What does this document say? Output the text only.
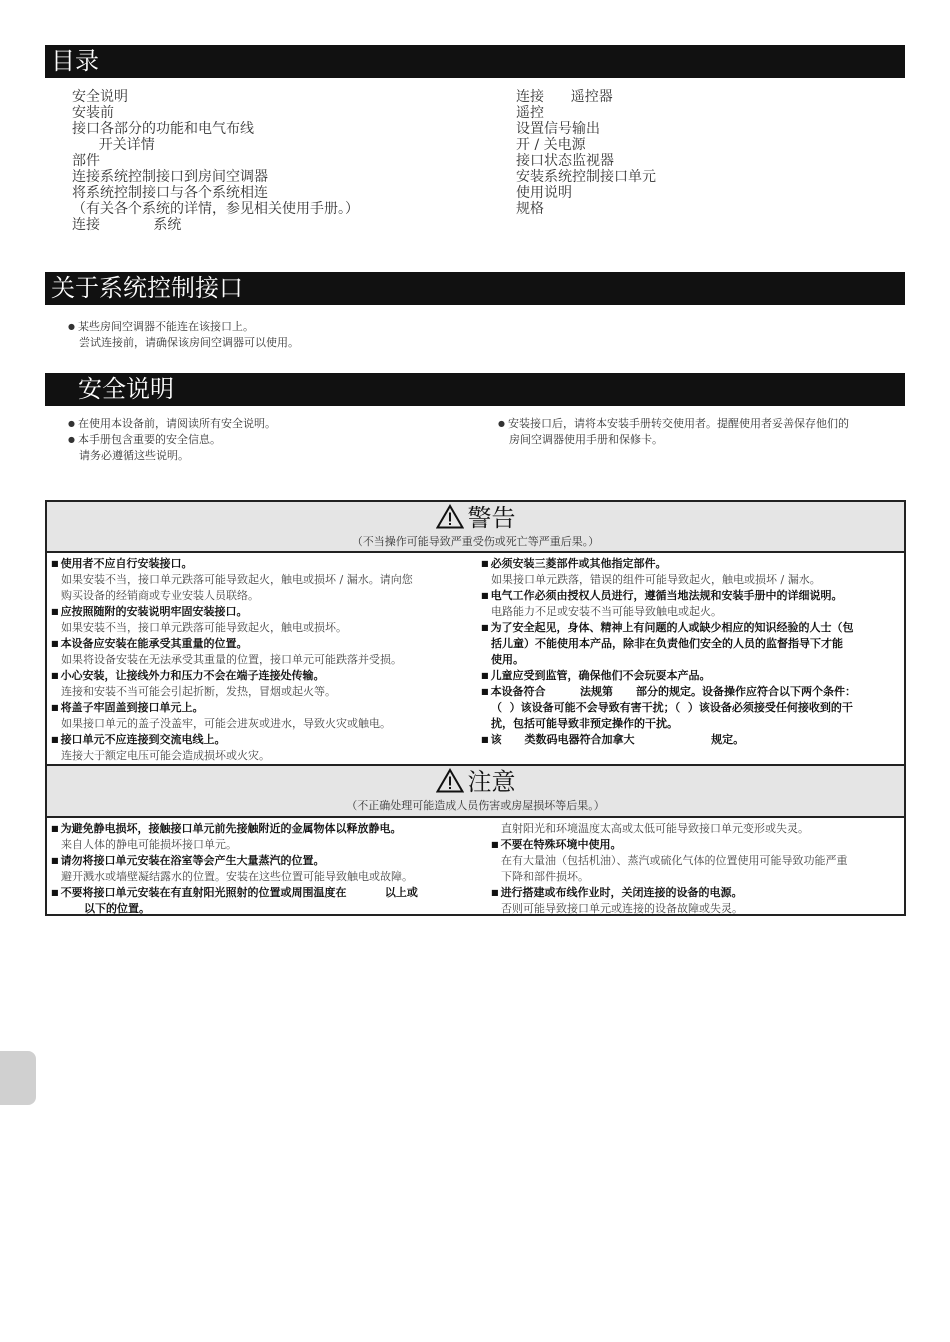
目录
安全说明
安装前
接口各部分的功能和电气布线
开关详情
部件
连接系统控制接口到房间空调器
将系统控制接口与各个系统相连
（有关各个系统的详情，参见相关使用手册。）
连接            系统
连接      遥控器
遥控
设置信号输出
开 / 关电源
接口状态监视器
安装系统控制接口单元
使用说明
规格
关于系统控制接口
● 某些房间空调器不能连在该接口上。
尝试连接前，请确保该房间空调器可以使用。
安全说明
● 在使用本设备前，请阅读所有安全说明。
● 本手册包含重要的安全信息。
请务必遵循这些说明。
● 安装接口后，请将本安装手册转交使用者。提醒使用者妥善保存他们的
房间空调器使用手册和保修卡。
警告
（不当操作可能导致严重受伤或死亡等严重后果。）
■ 使用者不应自行安装接口。
如果安装不当，接口单元跌落可能导致起火，触电或损坏 / 漏水。请向您
购买设备的经销商或专业安装人员联络。
■ 应按照随附的安装说明牢固安装接口。
如果安装不当，接口单元跌落可能导致起火，触电或损坏。
■ 本设备应安装在能承受其重量的位置。
如果将设备安装在无法承受其重量的位置，接口单元可能跌落并受损。
■ 小心安装，让接线外力和压力不会在端子连接处传输。
连接和安装不当可能会引起折断，发热，冒烟或起火等。
■ 将盖子牢固盖到接口单元上。
如果接口单元的盖子没盖牢，可能会进灰或进水，导致火灾或触电。
■ 接口单元不应连接到交流电线上。
连接大于额定电压可能会造成损坏或火灾。
■ 必须安装三菱部件或其他指定部件。
如果接口单元跌落，错误的组件可能导致起火，触电或损坏 / 漏水。
■ 电气工作必须由授权人员进行，遵循当地法规和安装手册中的详细说明。
电路能力不足或安装不当可能导致触电或起火。
■ 为了安全起见，身体、精神上有问题的人或缺少相应的知识经验的人士（包
括儿童）不能使用本产品，除非在负责他们安全的人员的监督指导下才能
使用。
■ 儿童应受到监管，确保他们不会玩耍本产品。
■ 本设备符合         法规第      部分的规定。设备操作应符合以下两个条件：
（  ）该设备可能不会导致有害干扰；（  ）该设备必须接受任何接收到的干
扰，包括可能导致非预定操作的干扰。
■ 该      类数码电器符合加拿大                    规定。
注意
（不正确处理可能造成人员伤害或房屋损坏等后果。）
■ 为避免静电损坏，接触接口单元前先接触附近的金属物体以释放静电。
来自人体的静电可能损坏接口单元。
■ 请勿将接口单元安装在浴室等会产生大量蒸汽的位置。
避开溅水或墙壁凝结露水的位置。安装在这些位置可能导致触电或故障。
■ 不要将接口单元安装在有直射阳光照射的位置或周围温度在          以上或
以下的位置。
直射阳光和环境温度太高或太低可能导致接口单元变形或失灵。
■ 不要在特殊环境中使用。
在有大量油（包括机油）、蒸汽或硫化气体的位置使用可能导致功能严重
下降和部件损坏。
■ 进行搭建或布线作业时，关闭连接的设备的电源。
否则可能导致接口单元或连接的设备故障或失灵。
